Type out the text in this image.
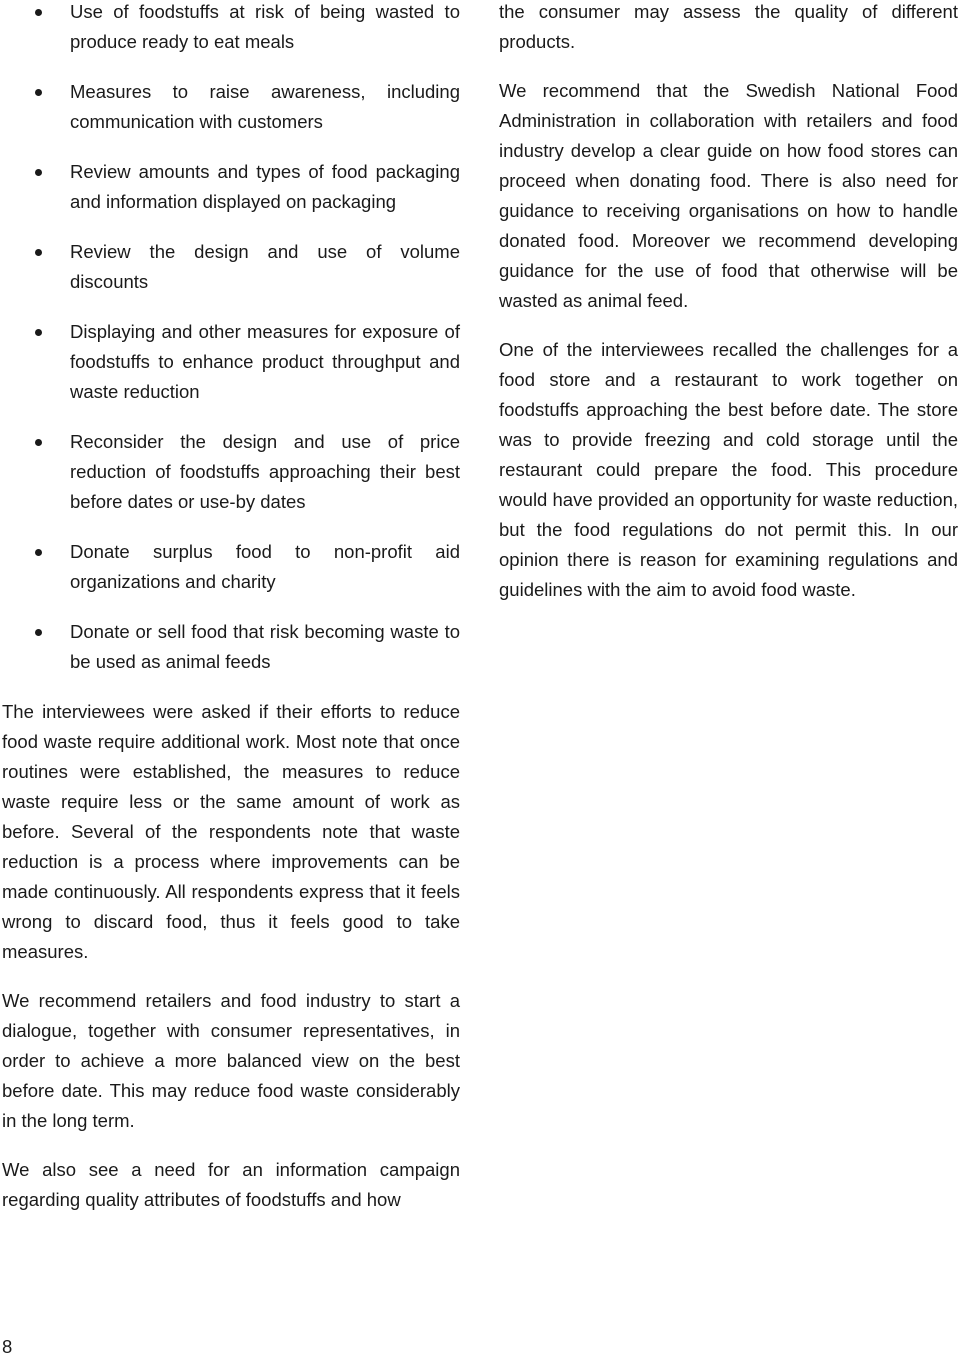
Use of foodstuffs at risk of being wasted to produce ready to eat meals
Measures to raise awareness, including communication with customers
Review amounts and types of food packaging and information displayed on packaging
Review the design and use of volume discounts
Displaying and other measures for exposure of foodstuffs to enhance product throughput and waste reduction
Reconsider the design and use of price reduction of foodstuffs approaching their best before dates or use-by dates
Donate surplus food to non-profit aid organizations and charity
Donate or sell food that risk becoming waste to be used as animal feeds

The interviewees were asked if their efforts to reduce food waste require additional work. Most note that once routines were established, the measures to reduce waste require less or the same amount of work as before. Several of the respondents note that waste reduction is a process where improvements can be made continuously. All respondents express that it feels wrong to discard food, thus it feels good to take measures.

We recommend retailers and food industry to start a dialogue, together with consumer representatives, in order to achieve a more balanced view on the best before date. This may reduce food waste considerably in the long term.

We also see a need for an information campaign regarding quality attributes of foodstuffs and how

the consumer may assess the quality of different products.

We recommend that the Swedish National Food Administration in collaboration with retailers and food industry develop a clear guide on how food stores can proceed when donating food. There is also need for guidance to receiving organisations on how to handle donated food. Moreover we recommend developing guidance for the use of food that otherwise will be wasted as animal feed.

One of the interviewees recalled the challenges for a food store and a restaurant to work together on foodstuffs approaching the best before date. The store was to provide freezing and cold storage until the restaurant could prepare the food. This procedure would have provided an opportunity for waste reduction, but the food regulations do not permit this. In our opinion there is reason for examining regulations and guidelines with the aim to avoid food waste.

8
